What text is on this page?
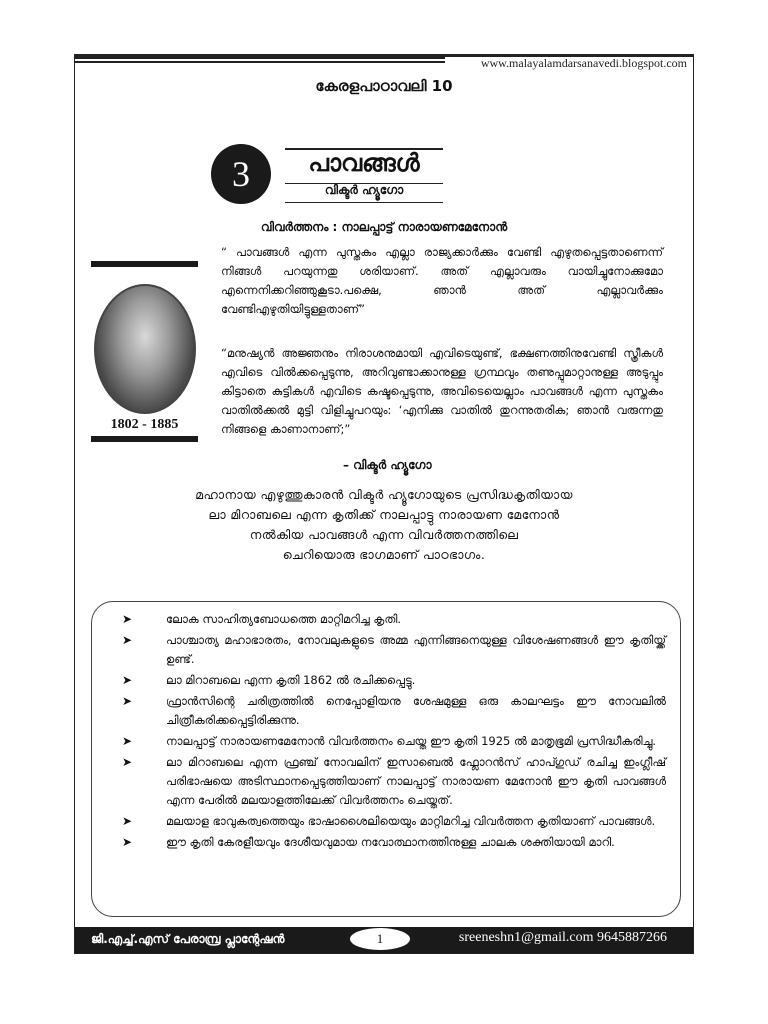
www.malayalamdarsanavedi.blogspot.com
കേരളപാഠാവലി 10
3	പാവങ്ങൾ
വിക്ടർ ഹ്യൂഗോ
വിവർത്തനം : നാലപ്പാട്ട് നാരായണമേനോൻ
1802 - 1885
“ പാവങ്ങൾ എന്ന പുസ്തകം എല്ലാ രാജ്യക്കാർക്കും വേണ്ടി എഴുതപ്പെട്ടതാണെന്ന് നിങ്ങൾ പറയുന്നതു ശരിയാണ്. അത് എല്ലാവരും വായിച്ചുനോക്കുമോ എന്നെനിക്കറിഞ്ഞുകൂടാ.പക്ഷെ, ഞാൻ അത് എല്ലാവർക്കും വേണ്ടിഎഴുതിയിട്ടുള്ളതാണ്”
“മനുഷ്യൻ അജ്ഞനും നിരാശനുമായി എവിടെയുണ്ട്, ഭക്ഷണത്തിനുവേണ്ടി സ്ത്രീകൾ എവിടെ വിൽക്കപ്പെടുന്നു, അറിവുണ്ടാക്കാനുള്ള ഗ്രന്ഥവും തണുപ്പുമാറ്റാനുള്ള അടുപ്പും കിട്ടാതെ കുട്ടികൾ എവിടെ കഷ്ടപ്പെടുന്നു, അവിടെയെല്ലാം പാവങ്ങൾ എന്ന പുസ്തകം വാതിൽക്കൽ മുട്ടി വിളിച്ചുപറയും: ‘എനിക്കു വാതിൽ തുറന്നുതരിക; ഞാൻ വരുന്നതു നിങ്ങളെ കാണാനാണ്;”
– വിക്ടർ ഹ്യൂഗോ
മഹാനായ എഴുത്തുകാരൻ വിക്ടർ ഹ്യൂഗോയുടെ പ്രസിദ്ധകൃതിയായ
ലാ മിറാബലെ എന്ന കൃതിക്ക് നാലപ്പാട്ടു നാരായണ മേനോൻ
നൽകിയ പാവങ്ങൾ എന്ന വിവർത്തനത്തിലെ
ചെറിയൊരു ഭാഗമാണ് പാഠഭാഗം.
➤	ലോക സാഹിത്യബോധത്തെ മാറ്റിമറിച്ച കൃതി.
➤	പാശ്ചാത്യ മഹാഭാരതം, നോവലുകളുടെ അമ്മ എന്നിങ്ങനെയുള്ള വിശേഷണങ്ങൾ ഈ കൃതിയ്ക്ക് ഉണ്ട്.
➤	ലാ മിറാബലെ എന്ന കൃതി 1862 ൽ രചിക്കപ്പെട്ടു.
➤	ഫ്രാൻസിന്റെ ചരിത്രത്തിൽ നെപ്പോളിയനു ശേഷമുള്ള ഒരു കാലഘട്ടം ഈ നോവലിൽ ചിത്രീകരിക്കപ്പെട്ടിരിക്കുന്നു.
➤	നാലപ്പാട്ട് നാരായണമേനോൻ വിവർത്തനം ചെയ്ത ഈ കൃതി 1925 ൽ മാതൃഭൂമി പ്രസിദ്ധീകരിച്ചു.
➤	ലാ മിറാബലെ എന്ന ഫ്രഞ്ച് നോവലിന് ഇസാബെൽ ഫ്ലോറൻസ് ഹാപ്ഗുഡ് രചിച്ച ഇംഗ്ലീഷ് പരിഭാഷയെ അടിസ്ഥാനപ്പെടുത്തിയാണ് നാലപ്പാട്ട് നാരായണ മേനോൻ ഈ കൃതി പാവങ്ങൾ എന്ന പേരിൽ മലയാളത്തിലേക്ക് വിവർത്തനം ചെയ്തത്.
➤	മലയാള ഭാവുകത്വത്തെയും ഭാഷാശൈലിയെയും മാറ്റിമറിച്ച വിവർത്തന കൃതിയാണ് പാവങ്ങൾ.
➤	ഈ കൃതി കേരളീയവും ദേശീയവുമായ നവോത്ഥാനത്തിനുള്ള ചാലക ശക്തിയായി മാറി.
ജി.എച്ച്.എസ് പേരാമ്പ്ര പ്ലാന്റേഷൻ	1	sreeneshn1@gmail.com 9645887266
